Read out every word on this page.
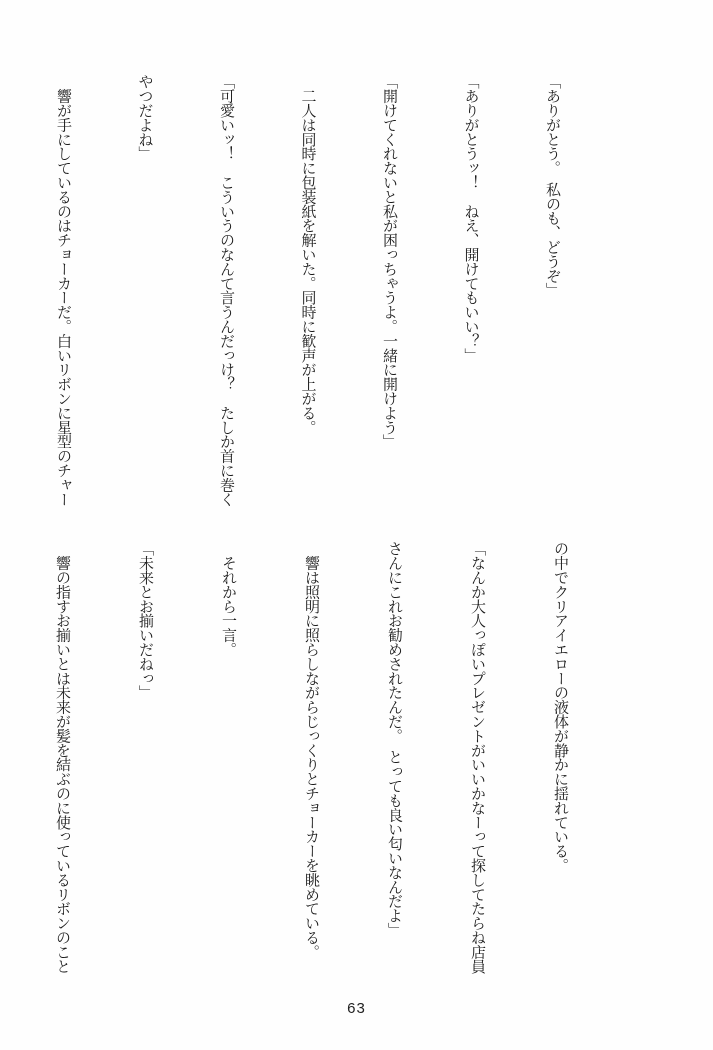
「ありがとう。　私のも、どうぞ」

「ありがとうッ！　ねえ、開けてもいい？」

「開けてくれないと私が困っちゃうよ。一緒に開けよう」

　二人は同時に包装紙を解いた。同時に歓声が上がる。

「可愛いッ！　こういうのなんて言うんだっけ？　たしか首に巻く

やつだよね」

　響が手にしているのはチョーカーだ。白いリボンに星型のチャー

の中でクリアイエローの液体が静かに揺れている。

「なんか大人っぽいプレゼントがいいかなーって探してたらね店員

さんにこれお勧めされたんだ。　とっても良い匂いなんだよ」

　響は照明に照らしながらじっくりとチョーカーを眺めている。

　それから一言。

「未来とお揃いだねっ」

　響の指すお揃いとは未来が髪を結ぶのに使っているリボンのこと

63
